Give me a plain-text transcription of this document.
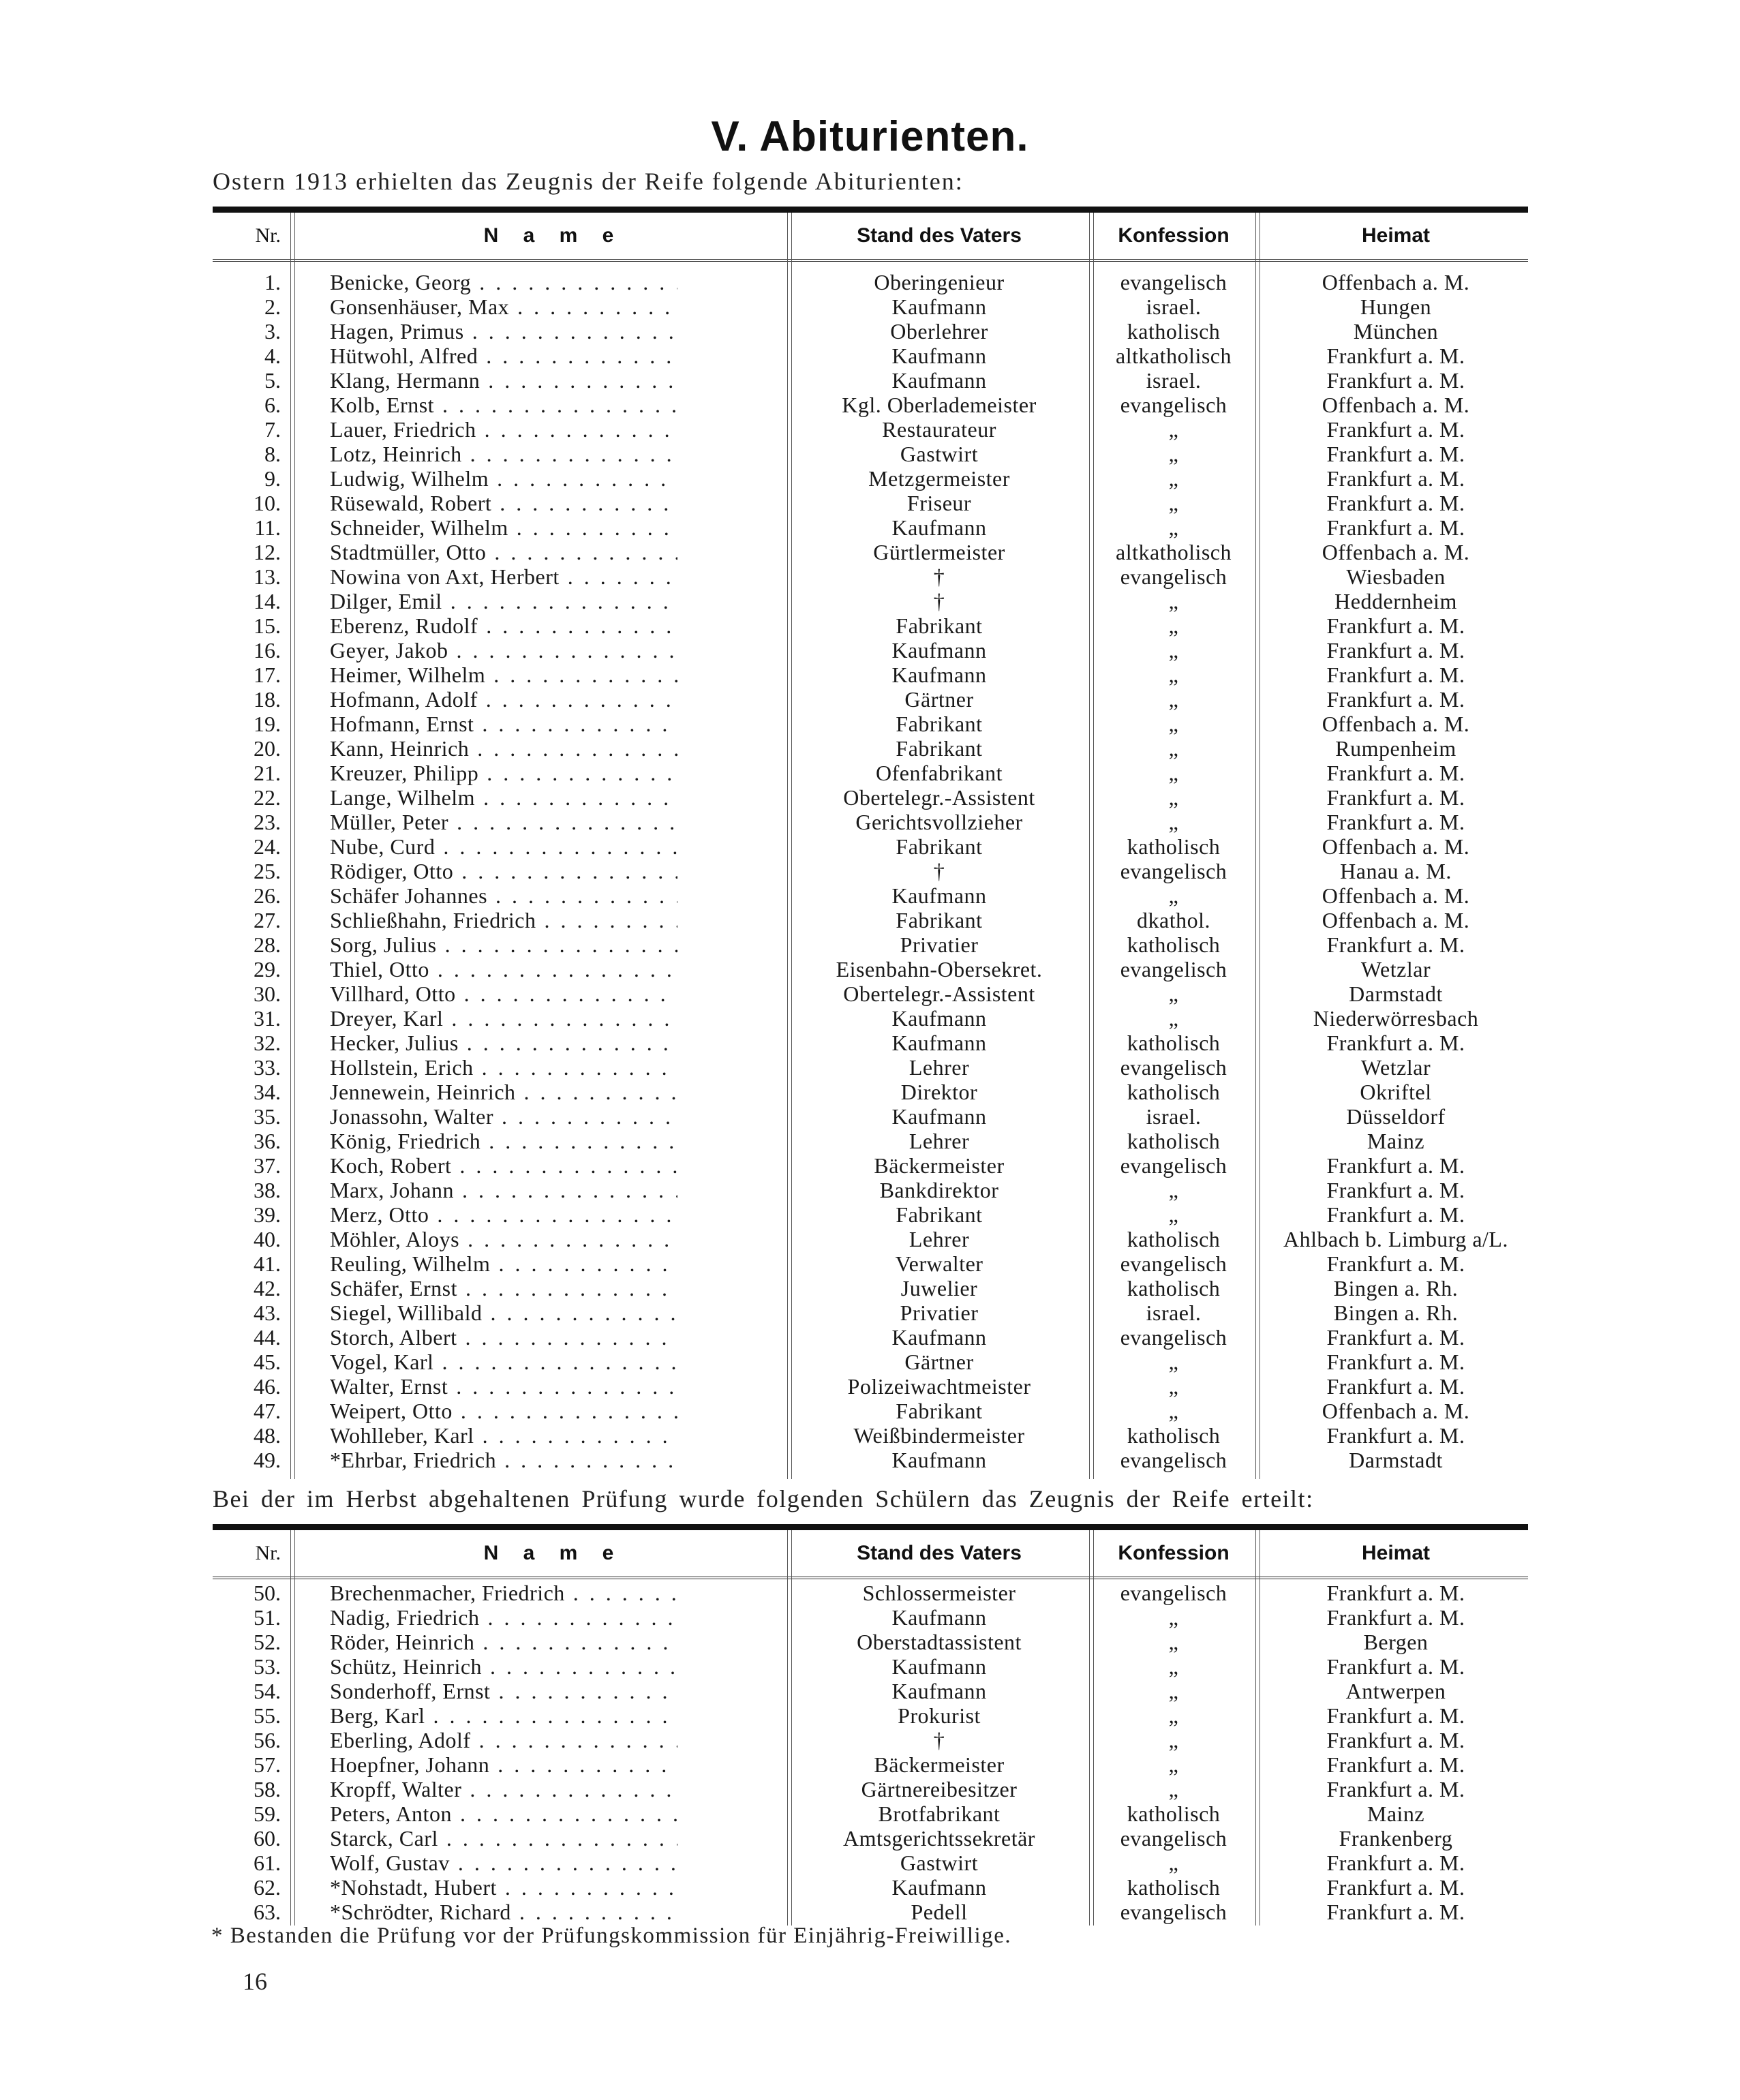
V. Abiturienten.
Ostern 1913 erhielten das Zeugnis der Reife folgende Abiturienten:
Nr.	N a m e	Stand des Vaters	Konfession	Heimat
1. Benicke, Georg . . .	Oberingenieur	evangelisch	Offenbach a. M.
2. Gonsenhäuser, Max . . .	Kaufmann	israel.	Hungen
3. Hagen, Primus . . .	Oberlehrer	katholisch	München
4. Hütwohl, Alfred . . .	Kaufmann	altkatholisch	Frankfurt a. M.
5. Klang, Hermann . . .	Kaufmann	israel.	Frankfurt a. M.
6. Kolb, Ernst . . .	Kgl. Oberlademeister	evangelisch	Offenbach a. M.
7. Lauer, Friedrich . . .	Restaurateur	„	Frankfurt a. M.
8. Lotz, Heinrich . . .	Gastwirt	„	Frankfurt a. M.
9. Ludwig, Wilhelm . . .	Metzgermeister	„	Frankfurt a. M.
10. Rüsewald, Robert . . .	Friseur	„	Frankfurt a. M.
11. Schneider, Wilhelm . . .	Kaufmann	„	Frankfurt a. M.
12. Stadtmüller, Otto . . .	Gürtlermeister	altkatholisch	Offenbach a. M.
13. Nowina von Axt, Herbert . . .	†	evangelisch	Wiesbaden
14. Dilger, Emil . . .	†	„	Heddernheim
15. Eberenz, Rudolf . . .	Fabrikant	„	Frankfurt a. M.
16. Geyer, Jakob . . .	Kaufmann	„	Frankfurt a. M.
17. Heimer, Wilhelm . . .	Kaufmann	„	Frankfurt a. M.
18. Hofmann, Adolf . . .	Gärtner	„	Frankfurt a. M.
19. Hofmann, Ernst . . .	Fabrikant	„	Offenbach a. M.
20. Kann, Heinrich . . .	Fabrikant	„	Rumpenheim
21. Kreuzer, Philipp . . .	Ofenfabrikant	„	Frankfurt a. M.
22. Lange, Wilhelm . . .	Obertelegr.-Assistent	„	Frankfurt a. M.
23. Müller, Peter . . .	Gerichtsvollzieher	„	Frankfurt a. M.
24. Nube, Curd . . .	Fabrikant	katholisch	Offenbach a. M.
25. Rödiger, Otto . . .	†	evangelisch	Hanau a. M.
26. Schäfer Johannes . . .	Kaufmann	„	Offenbach a. M.
27. Schließhahn, Friedrich . . .	Fabrikant	dkathol.	Offenbach a. M.
28. Sorg, Julius . . .	Privatier	katholisch	Frankfurt a. M.
29. Thiel, Otto . . .	Eisenbahn-Obersekret.	evangelisch	Wetzlar
30. Villhard, Otto . . .	Obertelegr.-Assistent	„	Darmstadt
31. Dreyer, Karl . . .	Kaufmann	„	Niederwörresbach
32. Hecker, Julius . . .	Kaufmann	katholisch	Frankfurt a. M.
33. Hollstein, Erich . . .	Lehrer	evangelisch	Wetzlar
34. Jennewein, Heinrich . . .	Direktor	katholisch	Okriftel
35. Jonassohn, Walter . . .	Kaufmann	israel.	Düsseldorf
36. König, Friedrich . . .	Lehrer	katholisch	Mainz
37. Koch, Robert . . .	Bäckermeister	evangelisch	Frankfurt a. M.
38. Marx, Johann . . .	Bankdirektor	„	Frankfurt a. M.
39. Merz, Otto . . .	Fabrikant	„	Frankfurt a. M.
40. Möhler, Aloys . . .	Lehrer	katholisch	Ahlbach b. Limburg a/L.
41. Reuling, Wilhelm . . .	Verwalter	evangelisch	Frankfurt a. M.
42. Schäfer, Ernst . . .	Juwelier	katholisch	Bingen a. Rh.
43. Siegel, Willibald . . .	Privatier	israel.	Bingen a. Rh.
44. Storch, Albert . . .	Kaufmann	evangelisch	Frankfurt a. M.
45. Vogel, Karl . . .	Gärtner	„	Frankfurt a. M.
46. Walter, Ernst . . .	Polizeiwachtmeister	„	Frankfurt a. M.
47. Weipert, Otto . . .	Fabrikant	„	Offenbach a. M.
48. Wohlleber, Karl . . .	Weißbindermeister	katholisch	Frankfurt a. M.
49. *Ehrbar, Friedrich . . .	Kaufmann	evangelisch	Darmstadt
Bei der im Herbst abgehaltenen Prüfung wurde folgenden Schülern das Zeugnis der Reife erteilt:
Nr.	N a m e	Stand des Vaters	Konfession	Heimat
50. Brechenmacher, Friedrich . . .	Schlossermeister	evangelisch	Frankfurt a. M.
51. Nadig, Friedrich . . .	Kaufmann	„	Frankfurt a. M.
52. Röder, Heinrich . . .	Oberstadtassistent	„	Bergen
53. Schütz, Heinrich . . .	Kaufmann	„	Frankfurt a. M.
54. Sonderhoff, Ernst . . .	Kaufmann	„	Antwerpen
55. Berg, Karl . . .	Prokurist	„	Frankfurt a. M.
56. Eberling, Adolf . . .	†	„	Frankfurt a. M.
57. Hoepfner, Johann . . .	Bäckermeister	„	Frankfurt a. M.
58. Kropff, Walter . . .	Gärtnereibesitzer	„	Frankfurt a. M.
59. Peters, Anton . . .	Brotfabrikant	katholisch	Mainz
60. Starck, Carl . . .	Amtsgerichtssekretär	evangelisch	Frankenberg
61. Wolf, Gustav . . .	Gastwirt	„	Frankfurt a. M.
62. *Nohstadt, Hubert . . .	Kaufmann	katholisch	Frankfurt a. M.
63. *Schrödter, Richard . . .	Pedell	evangelisch	Frankfurt a. M.
* Bestanden die Prüfung vor der Prüfungskommission für Einjährig-Freiwillige.
16
